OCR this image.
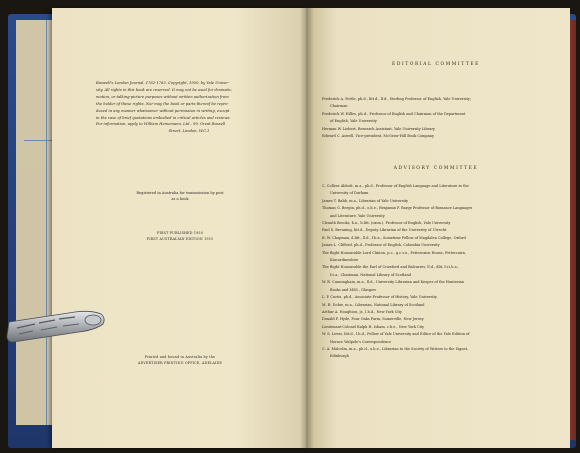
Boswell's London Journal, 1762-1763. Copyright, 1950, by Yale Univer-
sity. All rights in this book are reserved. It may not be used for dramatic,
motion, or talking-picture purposes without written authorization from
the holder of these rights. Nor may the book or parts thereof be repro-
duced in any manner whatsoever without permission in writing, except
in the case of brief quotations embodied in critical articles and reviews.
For information, apply to William Heinemann, Ltd., 99, Great Russell
Street, London, W.C.1
Registered in Australia for transmission by post
as a book
FIRST PUBLISHED 1950
FIRST AUSTRALIAN EDITION 1951
Printed and bound in Australia by the
ADVERTISER PRINTING OFFICE, ADELAIDE
EDITORIAL COMMITTEE
Frederick A. Pottle, ph.d., litt.d., ll.d., Sterling Professor of English, Yale University;
Chairman
Frederick W. Hilles, ph.d., Professor of English and Chairman of the Department
of English, Yale University
Herman W. Liebert, Research Assistant, Yale University Library
Edward C. Aswell, Vice-president, McGraw-Hill Book Company
ADVISORY COMMITTEE
C. Colleer Abbott, m.a., ph.d., Professor of English Language and Literature in the
University of Durham
James T. Babb, m.a., Librarian of Yale University
Thomas G. Bergin, ph.d., o.b.e., Benjamin F. Barge Professor of Romance Languages
and Literature, Yale University
Cleanth Brooks, b.a., b.litt. (oxon.), Professor of English, Yale University
Paul S. Breuning, litt.d., Deputy Librarian of the University of Utrecht
R. W. Chapman, d.litt., ll.d., f.b.a., Sometime Fellow of Magdalen College, Oxford
James L. Clifford, ph.d., Professor of English, Columbia University
The Right Honourable Lord Clinton, p.c., g.c.v.o., Fettercairn House, Fettercairn,
Kincardineshire
The Right Honourable the Earl of Crawford and Balcarres, ll.d., dlit, f.r.i.b.a.,
f.s.a., Chairman, National Library of Scotland
W. R. Cunningham, m.a., ll.d., University Librarian and Keeper of the Hunterian
Books and MSS., Glasgow
L. P. Curtis, ph.d., Associate Professor of History, Yale University
M. R. Dobie, m.a., Librarian, National Library of Scotland
Arthur A. Houghton, jr., l.h.d., New York City
Donald F. Hyde, Four Oaks Farm, Somerville, New Jersey
Lieutenant-Colonel Ralph H. Isham, c.b.e., New York City
W. S. Lewis, litt.d., l.h.d., Fellow of Yale University and Editor of the Yale Edition of
Horace Walpole's Correspondence
C. A. Malcolm, m.a., ph.d., o.b.e., Librarian to the Society of Writers to the Signet,
Edinburgh
